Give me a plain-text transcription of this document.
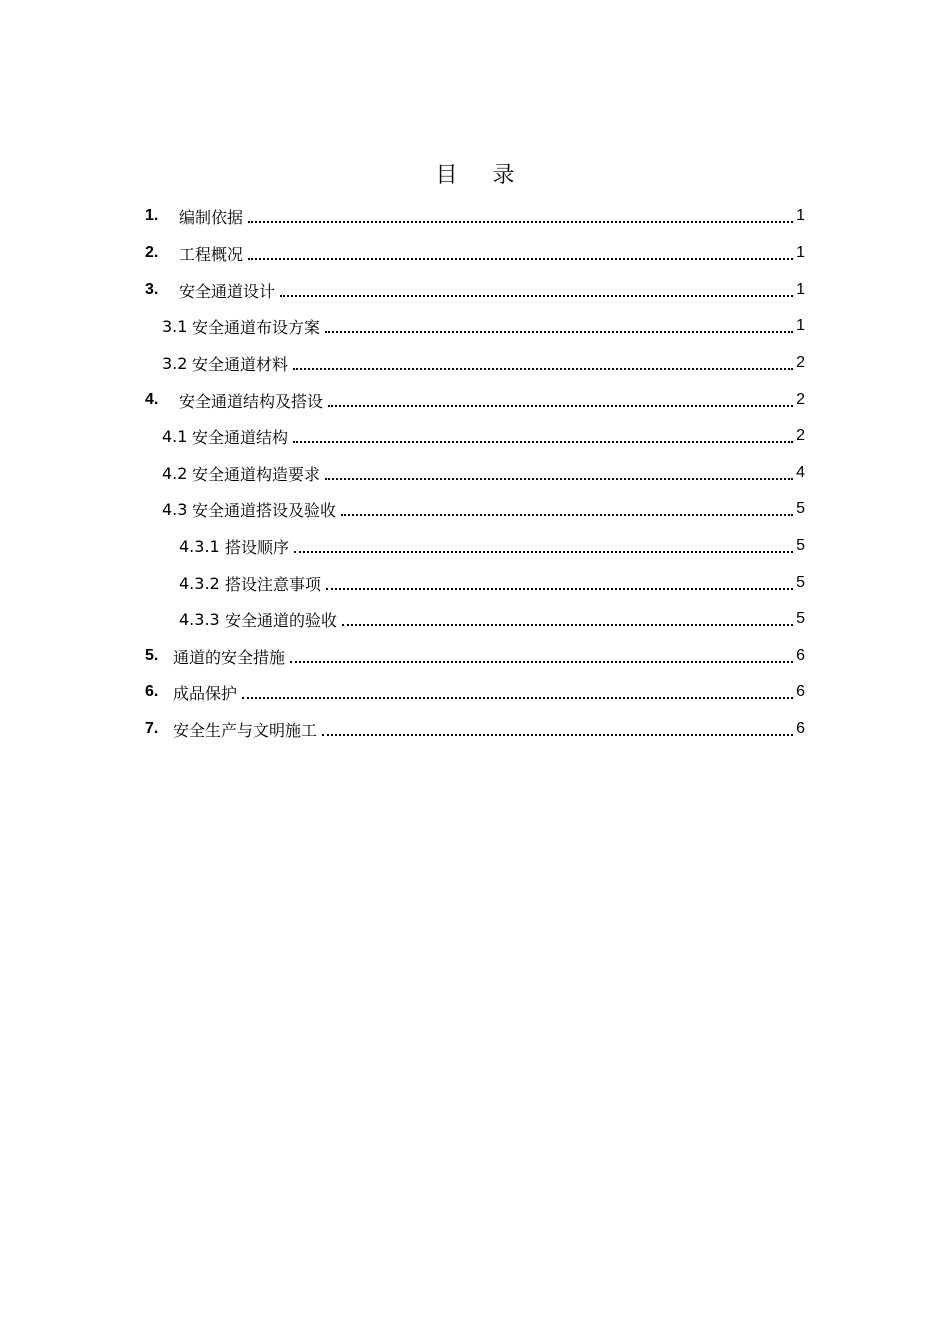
目 录
1.	编制依据	1
2.	工程概况	1
3.	安全通道设计	1
3.1 安全通道布设方案	1
3.2 安全通道材料	2
4.	安全通道结构及搭设	2
4.1 安全通道结构	2
4.2 安全通道构造要求	4
4.3 安全通道搭设及验收	5
4.3.1 搭设顺序	5
4.3.2 搭设注意事项	5
4.3.3 安全通道的验收	5
5. 通道的安全措施	6
6. 成品保护	6
7. 安全生产与文明施工	6
